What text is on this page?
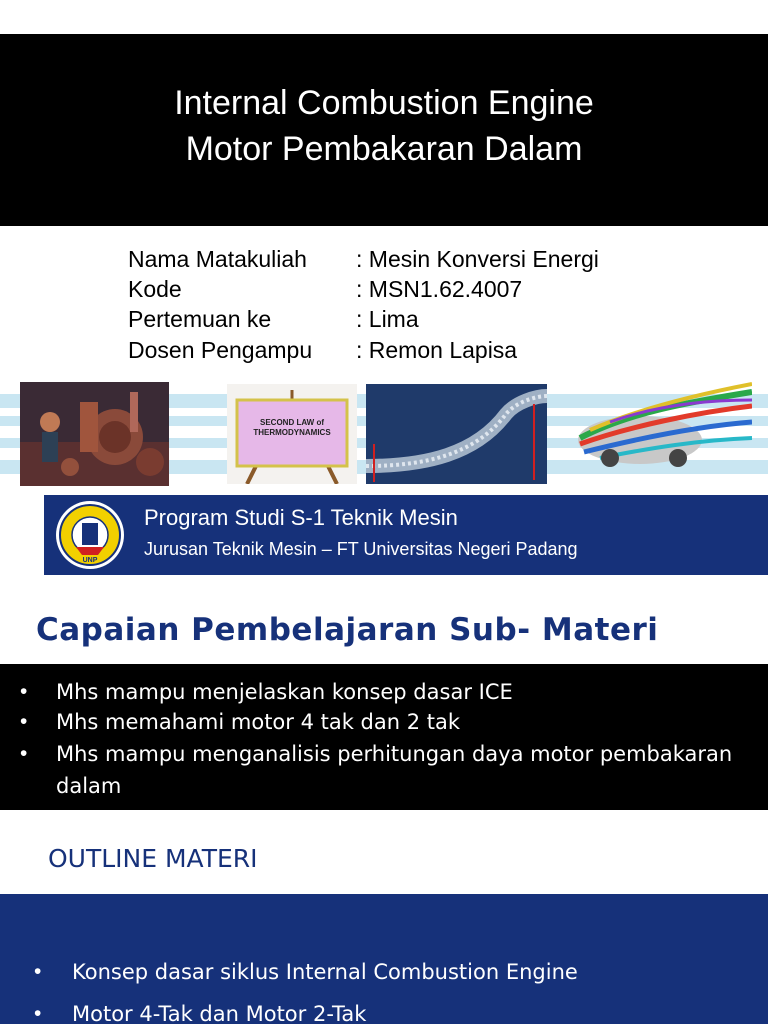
Internal Combustion Engine
Motor Pembakaran Dalam
Nama Matakuliah : Mesin Konversi Energi
Kode	: MSN1.62.4007
Pertemuan ke	: Lima
Dosen Pengampu : Remon Lapisa
SECOND LAW of THERMODYNAMICS
UNP
Program Studi S-1 Teknik Mesin
Jurusan Teknik Mesin – FT Universitas Negeri Padang
Capaian Pembelajaran Sub- Materi
• Mhs mampu menjelaskan konsep dasar ICE
• Mhs memahami motor 4 tak dan 2 tak
• Mhs mampu menganalisis perhitungan daya motor pembakaran dalam
OUTLINE MATERI
• Konsep dasar siklus Internal Combustion Engine
• Motor 4-Tak dan Motor 2-Tak
